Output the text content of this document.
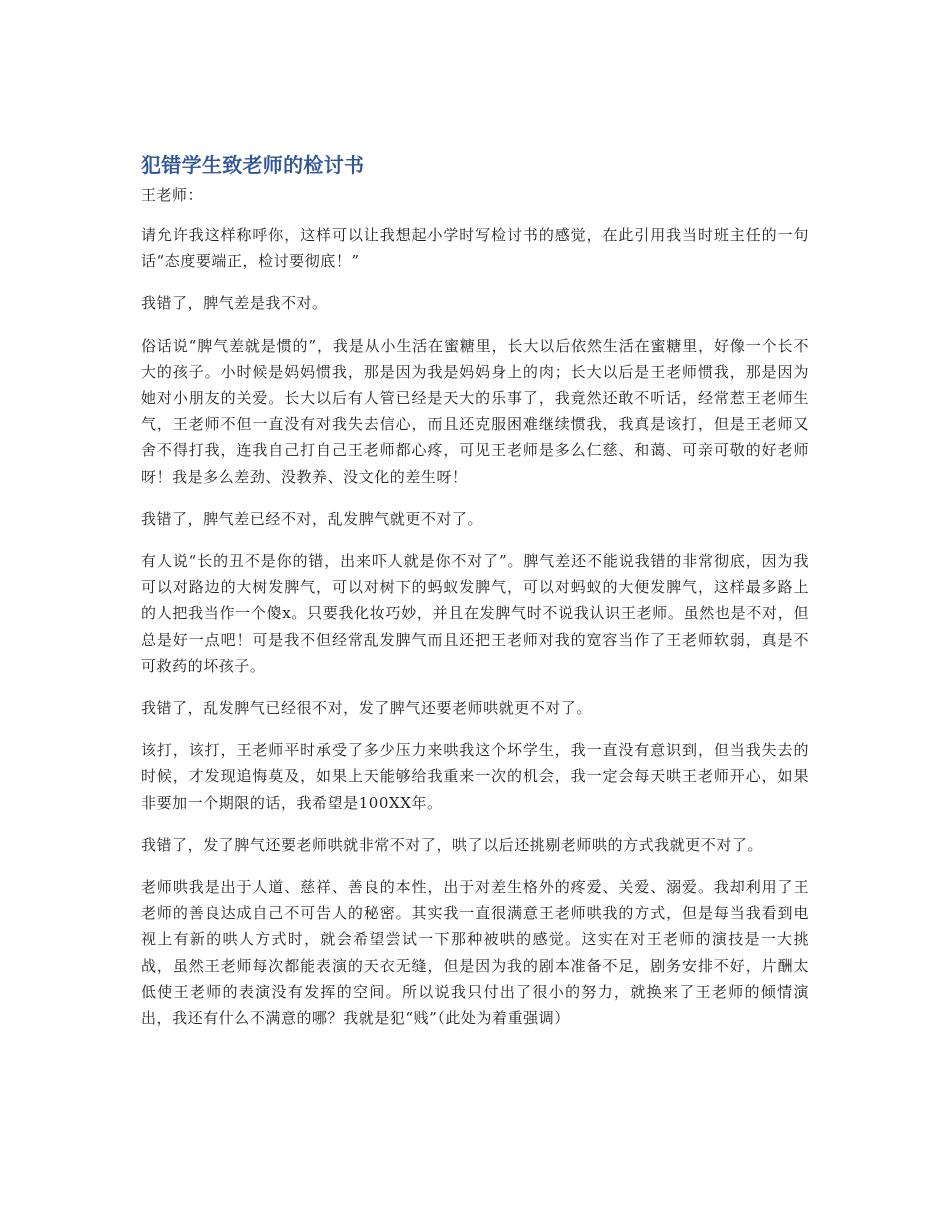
犯错学生致老师的检讨书

王老师：

请允许我这样称呼你，这样可以让我想起小学时写检讨书的感觉，在此引用我当时班主任的一句话“态度要端正，检讨要彻底！”

我错了，脾气差是我不对。

俗话说“脾气差就是惯的”，我是从小生活在蜜糖里，长大以后依然生活在蜜糖里，好像一个长不大的孩子。小时候是妈妈惯我，那是因为我是妈妈身上的肉；长大以后是王老师惯我，那是因为她对小朋友的关爱。长大以后有人管已经是天大的乐事了，我竟然还敢不听话，经常惹王老师生气，王老师不但一直没有对我失去信心，而且还克服困难继续惯我，我真是该打，但是王老师又舍不得打我，连我自己打自己王老师都心疼，可见王老师是多么仁慈、和蔼、可亲可敬的好老师呀！我是多么差劲、没教养、没文化的差生呀！

我错了，脾气差已经不对，乱发脾气就更不对了。

有人说“长的丑不是你的错，出来吓人就是你不对了”。脾气差还不能说我错的非常彻底，因为我可以对路边的大树发脾气，可以对树下的蚂蚁发脾气，可以对蚂蚁的大便发脾气，这样最多路上的人把我当作一个傻x。只要我化妆巧妙，并且在发脾气时不说我认识王老师。虽然也是不对，但总是好一点吧！可是我不但经常乱发脾气而且还把王老师对我的宽容当作了王老师软弱，真是不可救药的坏孩子。

我错了，乱发脾气已经很不对，发了脾气还要老师哄就更不对了。

该打，该打，王老师平时承受了多少压力来哄我这个坏学生，我一直没有意识到，但当我失去的时候，才发现追悔莫及，如果上天能够给我重来一次的机会，我一定会每天哄王老师开心，如果非要加一个期限的话，我希望是100XX年。

我错了，发了脾气还要老师哄就非常不对了，哄了以后还挑剔老师哄的方式我就更不对了。

老师哄我是出于人道、慈祥、善良的本性，出于对差生格外的疼爱、关爱、溺爱。我却利用了王老师的善良达成自己不可告人的秘密。其实我一直很满意王老师哄我的方式，但是每当我看到电视上有新的哄人方式时，就会希望尝试一下那种被哄的感觉。这实在对王老师的演技是一大挑战，虽然王老师每次都能表演的天衣无缝，但是因为我的剧本准备不足，剧务安排不好，片酬太低使王老师的表演没有发挥的空间。所以说我只付出了很小的努力，就换来了王老师的倾情演出，我还有什么不满意的哪？我就是犯“贱”（此处为着重强调）
